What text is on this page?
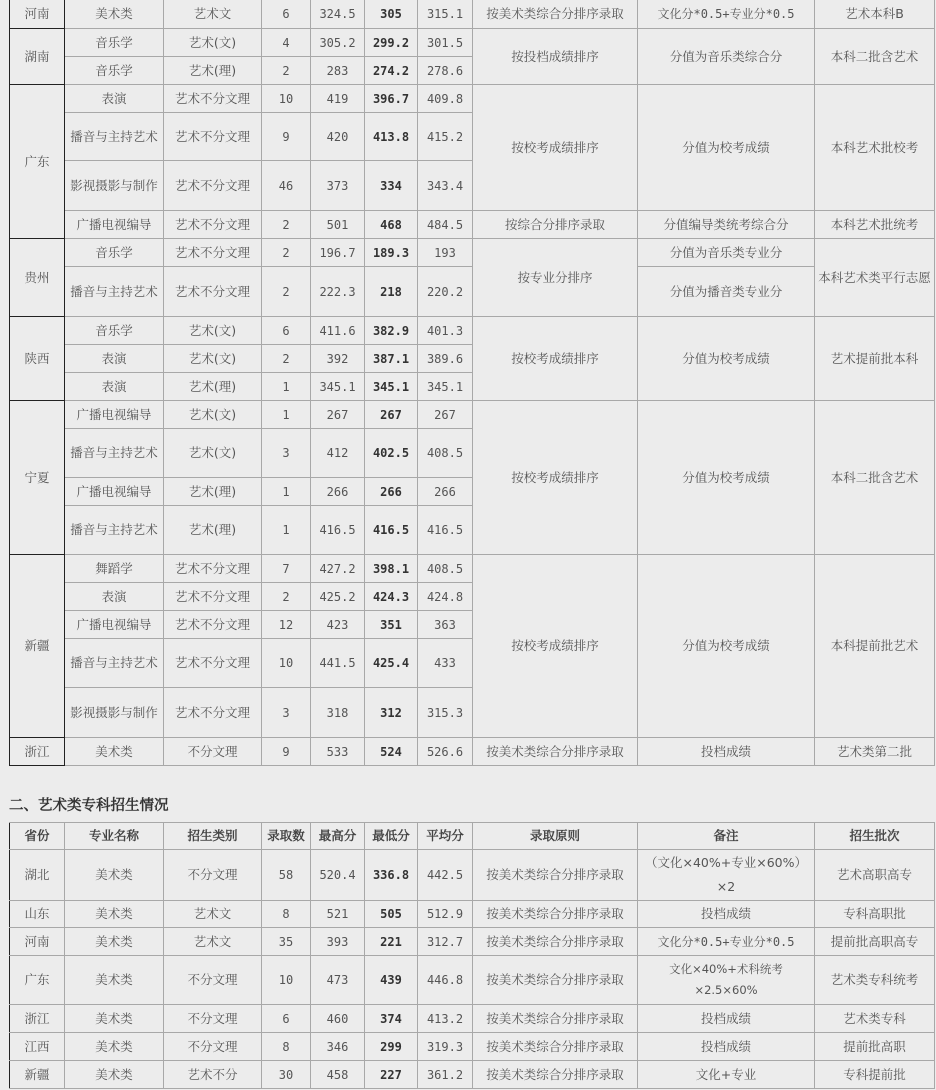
河南	美术类	艺术文	6	324.5	305	315.1	按美术类综合分排序录取	文化分*0.5+专业分*0.5	艺术本科B
湖南	音乐学	艺术(文)	4	305.2	299.2	301.5	按投档成绩排序	分值为音乐类综合分	本科二批含艺术
	音乐学	艺术(理)	2	283	274.2	278.6			
广东	表演	艺术不分文理	10	419	396.7	409.8	按校考成绩排序	分值为校考成绩	本科艺术批校考
	播音与主持艺术	艺术不分文理	9	420	413.8	415.2			
	影视摄影与制作	艺术不分文理	46	373	334	343.4			
	广播电视编导	艺术不分文理	2	501	468	484.5	按综合分排序录取	分值编导类统考综合分	本科艺术批统考
贵州	音乐学	艺术不分文理	2	196.7	189.3	193	按专业分排序	分值为音乐类专业分	本科艺术类平行志愿
	播音与主持艺术	艺术不分文理	2	222.3	218	220.2		分值为播音类专业分	
陕西	音乐学	艺术(文)	6	411.6	382.9	401.3	按校考成绩排序	分值为校考成绩	艺术提前批本科
	表演	艺术(文)	2	392	387.1	389.6			
	表演	艺术(理)	1	345.1	345.1	345.1			
宁夏	广播电视编导	艺术(文)	1	267	267	267	按校考成绩排序	分值为校考成绩	本科二批含艺术
	播音与主持艺术	艺术(文)	3	412	402.5	408.5			
	广播电视编导	艺术(理)	1	266	266	266			
	播音与主持艺术	艺术(理)	1	416.5	416.5	416.5			
新疆	舞蹈学	艺术不分文理	7	427.2	398.1	408.5	按校考成绩排序	分值为校考成绩	本科提前批艺术
	表演	艺术不分文理	2	425.2	424.3	424.8			
	广播电视编导	艺术不分文理	12	423	351	363			
	播音与主持艺术	艺术不分文理	10	441.5	425.4	433			
	影视摄影与制作	艺术不分文理	3	318	312	315.3			
浙江	美术类	不分文理	9	533	524	526.6	按美术类综合分排序录取	投档成绩	艺术类第二批
二、艺术类专科招生情况
省份	专业名称	招生类别	录取数	最高分	最低分	平均分	录取原则	备注	招生批次
湖北	美术类	不分文理	58	520.4	336.8	442.5	按美术类综合分排序录取	（文化×40%+专业×60%）×2	艺术高职高专
山东	美术类	艺术文	8	521	505	512.9	按美术类综合分排序录取	投档成绩	专科高职批
河南	美术类	艺术文	35	393	221	312.7	按美术类综合分排序录取	文化分*0.5+专业分*0.5	提前批高职高专
广东	美术类	不分文理	10	473	439	446.8	按美术类综合分排序录取	文化×40%+术科统考×2.5×60%	艺术类专科统考
浙江	美术类	不分文理	6	460	374	413.2	按美术类综合分排序录取	投档成绩	艺术类专科
江西	美术类	不分文理	8	346	299	319.3	按美术类综合分排序录取	投档成绩	提前批高职
新疆	美术类	艺术不分	30	458	227	361.2	按美术类综合分排序录取	文化+专业	专科提前批
